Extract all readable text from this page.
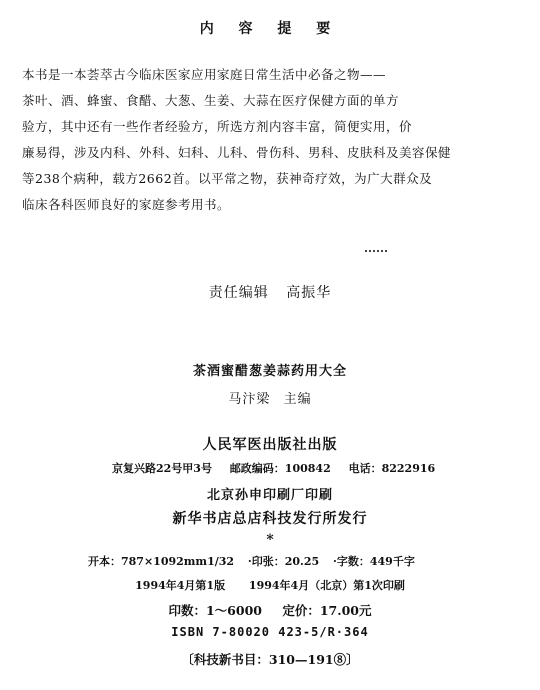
内 容 提 要
本书是一本荟萃古今临床医家应用家庭日常生活中必备之物——
茶叶、酒、蜂蜜、食醋、大葱、生姜、大蒜在医疗保健方面的单方
验方，其中还有一些作者经验方，所选方剂内容丰富，简便实用，价
廉易得，涉及内科、外科、妇科、儿科、骨伤科、男科、皮肤科及美容保健
等238个病种，载方2662首。以平常之物，获神奇疗效，为广大群众及
临床各科医师良好的家庭参考用书。
责任编辑 高振华
茶酒蜜醋葱姜蒜药用大全
马汴梁 主编
人民军医出版社出版
京复兴路22号甲3号 邮政编码：100842 电话：8222916
北京孙申印刷厂印刷
新华书店总店科技发行所发行
*
开本：787×1092mm1/32 ·印张：20.25 ·字数：449千字
1994年4月第1版 1994年4月（北京）第1次印刷
印数：1～6000 定价：17.00元
ISBN 7-80020 423-5/R·364
〔科技新书目：310—191⑧〕
